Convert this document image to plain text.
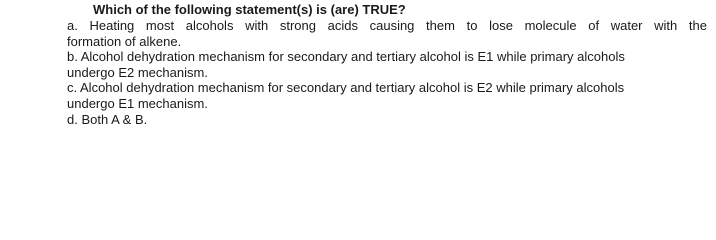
Which of the following statement(s) is (are) TRUE?

a. Heating most alcohols with strong acids causing them to lose molecule of water with the
formation of alkene.
b. Alcohol dehydration mechanism for secondary and tertiary alcohol is E1 while primary alcohols
undergo E2 mechanism.
c. Alcohol dehydration mechanism for secondary and tertiary alcohol is E2 while primary alcohols
undergo E1 mechanism.
d. Both A & B.
